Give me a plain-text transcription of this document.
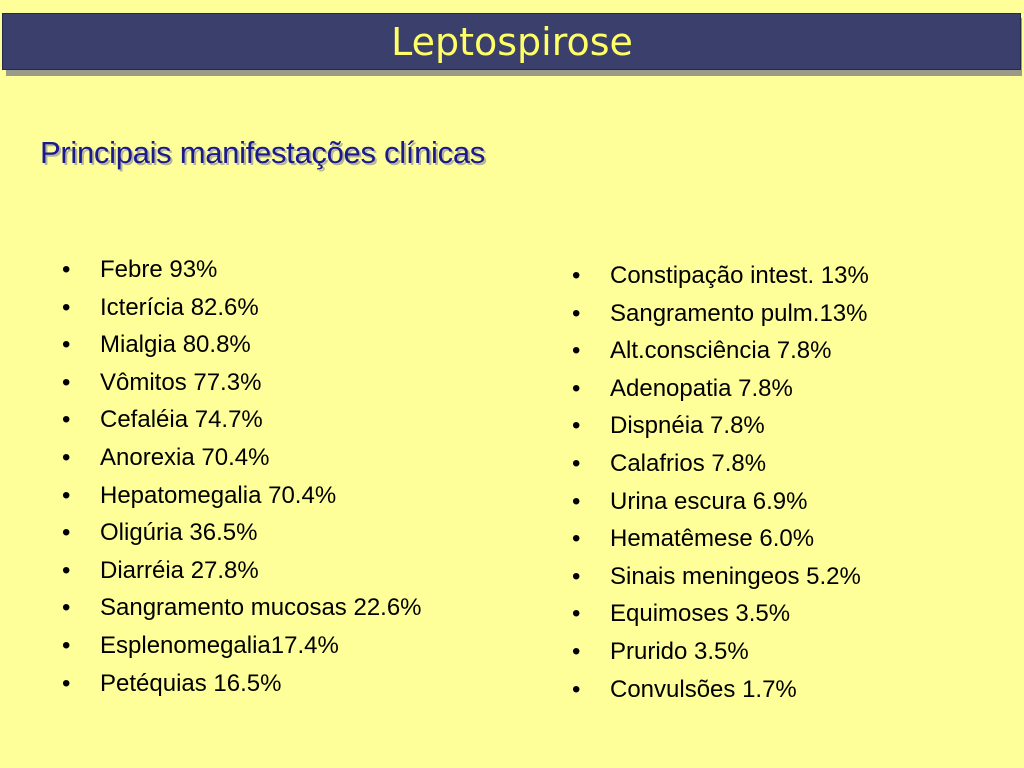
Leptospirose
Principais manifestações clínicas
• Febre 93%
• Icterícia 82.6%
• Mialgia 80.8%
• Vômitos 77.3%
• Cefaléia 74.7%
• Anorexia 70.4%
• Hepatomegalia 70.4%
• Oligúria 36.5%
• Diarréia 27.8%
• Sangramento mucosas 22.6%
• Esplenomegalia17.4%
• Petéquias 16.5%
• Constipação intest. 13%
• Sangramento pulm.13%
• Alt.consciência 7.8%
• Adenopatia 7.8%
• Dispnéia 7.8%
• Calafrios 7.8%
• Urina escura 6.9%
• Hematêmese 6.0%
• Sinais meningeos 5.2%
• Equimoses 3.5%
• Prurido 3.5%
• Convulsões 1.7%
